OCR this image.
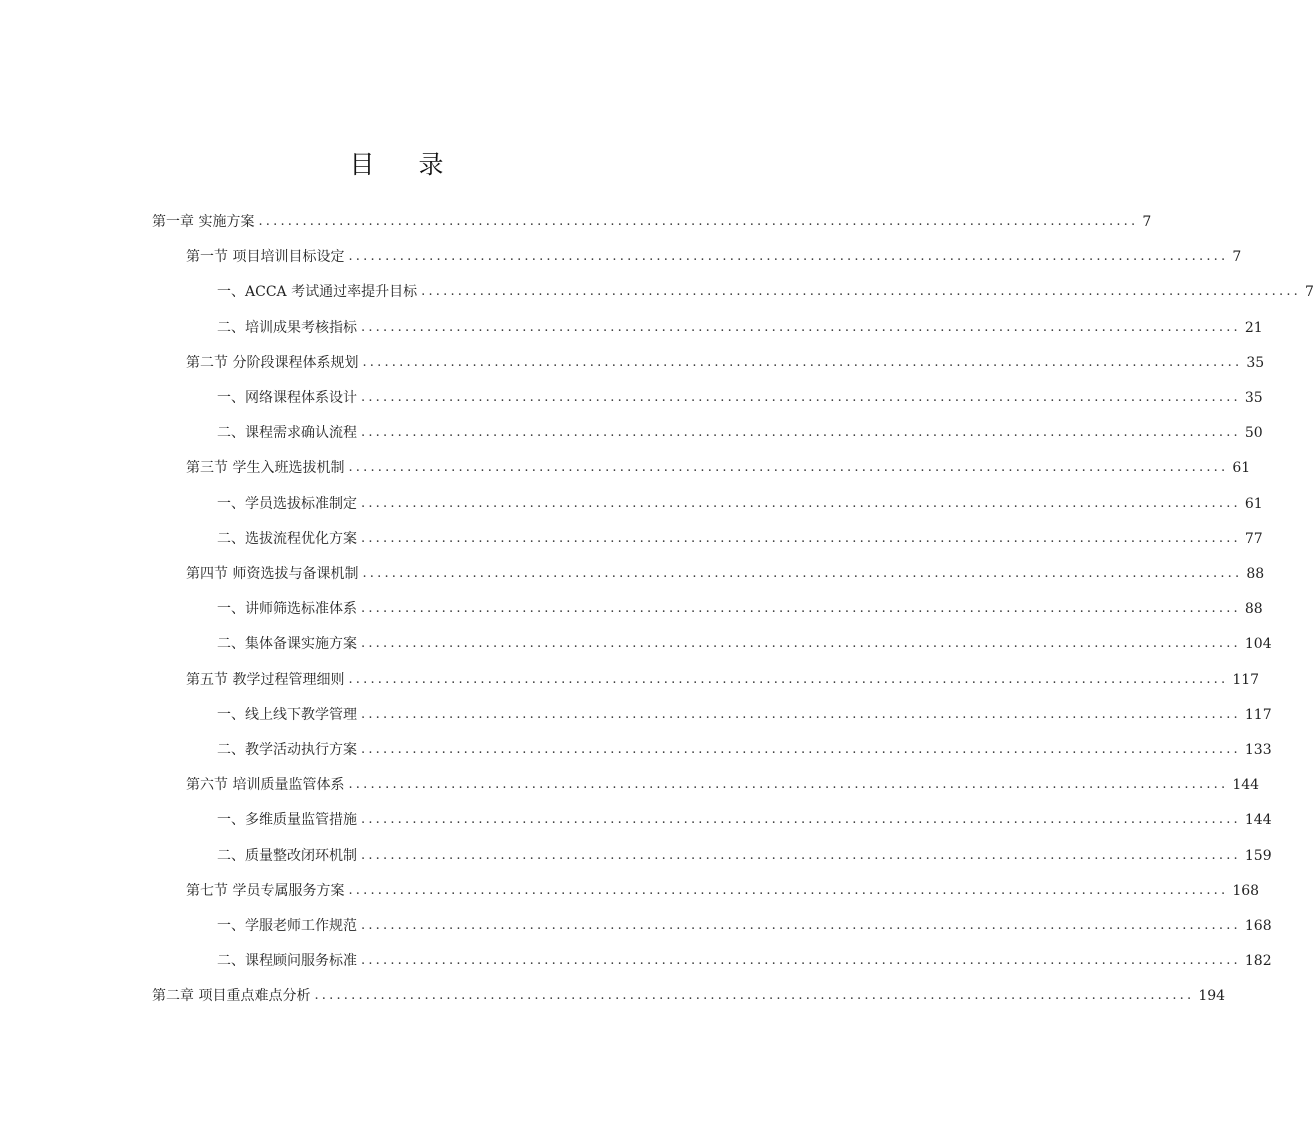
目 录
第一章 实施方案 ........................................................................................................................ 7
第一节 项目培训目标设定 ........................................................................................................................ 7
一、 ACCA 考试通过率提升目标 ........................................................................................................................ 7
二、 培训成果考核指标 ........................................................................................................................ 21
第二节 分阶段课程体系规划 ........................................................................................................................ 35
一、 网络课程体系设计 ........................................................................................................................ 35
二、 课程需求确认流程 ........................................................................................................................ 50
第三节 学生入班选拔机制 ........................................................................................................................ 61
一、 学员选拔标准制定 ........................................................................................................................ 61
二、 选拔流程优化方案 ........................................................................................................................ 77
第四节 师资选拔与备课机制 ........................................................................................................................ 88
一、 讲师筛选标准体系 ........................................................................................................................ 88
二、 集体备课实施方案 ........................................................................................................................ 104
第五节 教学过程管理细则 ........................................................................................................................ 117
一、 线上线下教学管理 ........................................................................................................................ 117
二、 教学活动执行方案 ........................................................................................................................ 133
第六节 培训质量监管体系 ........................................................................................................................ 144
一、 多维质量监管措施 ........................................................................................................................ 144
二、 质量整改闭环机制 ........................................................................................................................ 159
第七节 学员专属服务方案 ........................................................................................................................ 168
一、 学服老师工作规范 ........................................................................................................................ 168
二、 课程顾问服务标准 ........................................................................................................................ 182
第二章 项目重点难点分析 ........................................................................................................................ 194
